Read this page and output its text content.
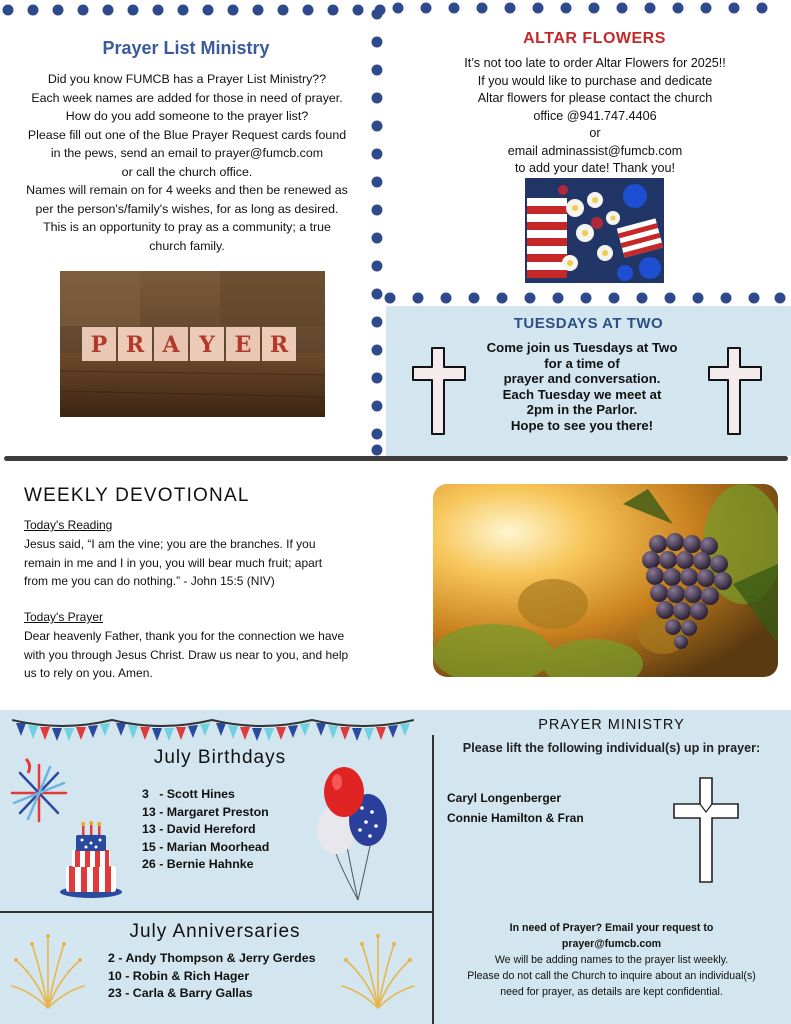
Prayer List Ministry
Did you know FUMCB has a Prayer List Ministry??
Each week names are added for those in need of prayer.
How do you add someone to the prayer list?
Please fill out one of the Blue Prayer Request cards found
in the pews, send an email to prayer@fumcb.com
or call the church office.
Names will remain on for 4 weeks and then be renewed as
per the person's/family's wishes, for as long as desired.
This is an opportunity to pray as a community; a true
church family.
P R A Y E R
ALTAR FLOWERS
It’s not too late to order Altar Flowers for 2025!!
If you would like to purchase and dedicate
Altar flowers for please contact the church
office @941.747.4406
or
email adminassist@fumcb.com
to add your date! Thank you!
TUESDAYS AT TWO
Come join us Tuesdays at Two
for a time of
prayer and conversation.
Each Tuesday we meet at
2pm in the Parlor.
Hope to see you there!
WEEKLY DEVOTIONAL
Today's Reading
Jesus said, “I am the vine; you are the branches. If you
remain in me and I in you, you will bear much fruit; apart
from me you can do nothing.” - John 15:5 (NIV)
Today's Prayer
Dear heavenly Father, thank you for the connection we have
with you through Jesus Christ. Draw us near to you, and help
us to rely on you. Amen.
July Birthdays
3   - Scott Hines
13 - Margaret Preston
13 - David Hereford
15 - Marian Moorhead
26 - Bernie Hahnke
July Anniversaries
2 - Andy Thompson & Jerry Gerdes
10 - Robin & Rich Hager
23 - Carla & Barry Gallas
PRAYER MINISTRY
Please lift the following individual(s) up in prayer:
Caryl Longenberger
Connie Hamilton & Fran
In need of Prayer? Email your request to
prayer@fumcb.com
We will be adding names to the prayer list weekly.
Please do not call the Church to inquire about an individual(s)
need for prayer, as details are kept confidential.
